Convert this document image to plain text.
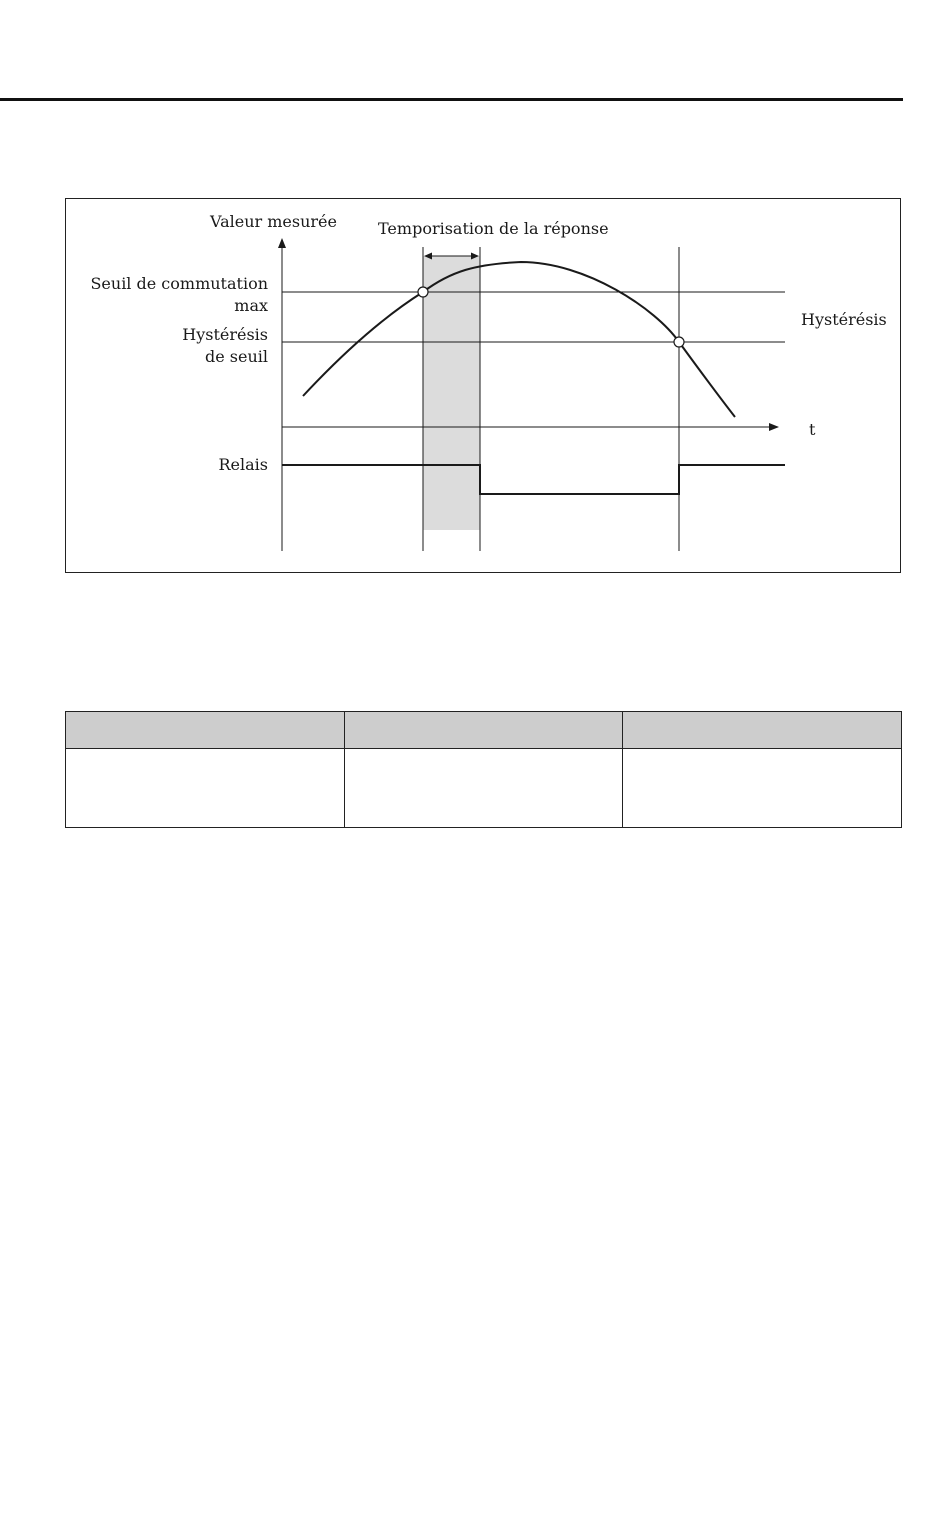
Valeur mesurée	Temporisation de la réponse
Seuil de commutation
max
Hystérésis
de seuil
Hystérésis
t
Relais
